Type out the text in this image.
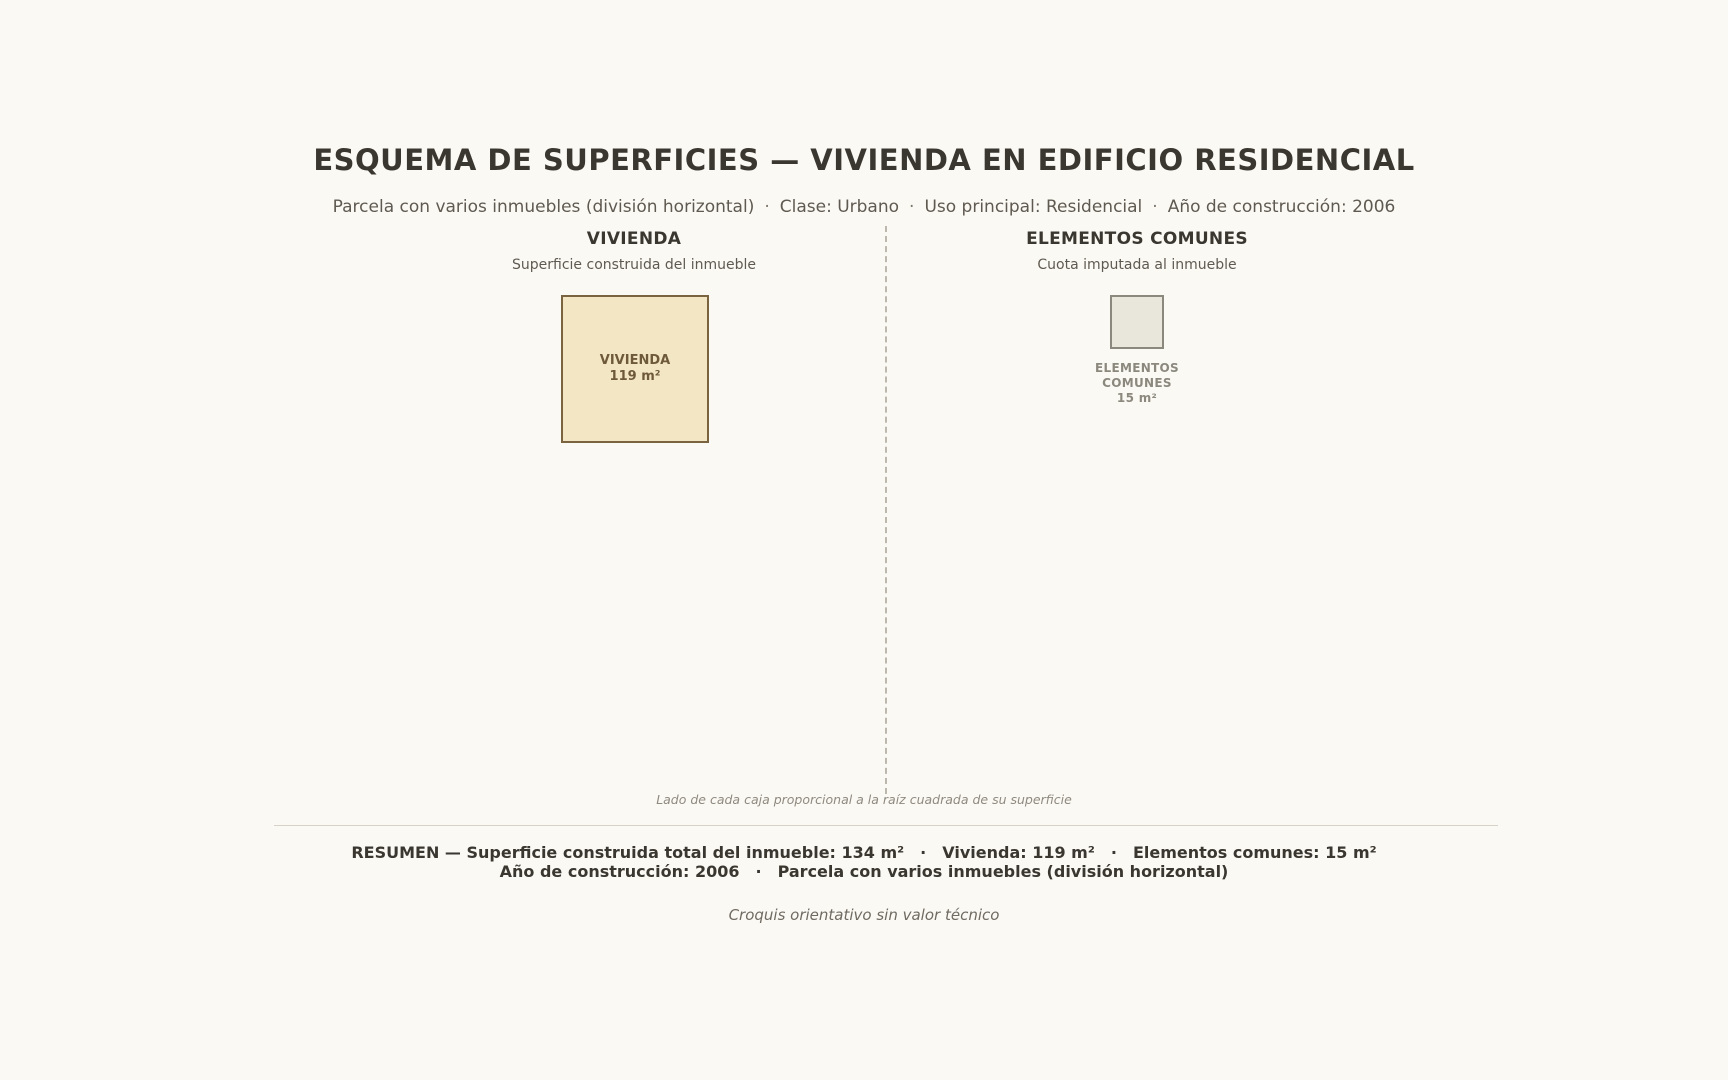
ESQUEMA DE SUPERFICIES — VIVIENDA EN EDIFICIO RESIDENCIAL
Parcela con varios inmuebles (división horizontal) · Clase: Urbano · Uso principal: Residencial · Año de construcción: 2006
VIVIENDA
Superficie construida del inmueble
ELEMENTOS COMUNES
Cuota imputada al inmueble
VIVIENDA
119 m²
ELEMENTOS
COMUNES
15 m²
Lado de cada caja proporcional a la raíz cuadrada de su superficie
RESUMEN — Superficie construida total del inmueble: 134 m² · Vivienda: 119 m² · Elementos comunes: 15 m²
Año de construcción: 2006 · Parcela con varios inmuebles (división horizontal)
Croquis orientativo sin valor técnico
